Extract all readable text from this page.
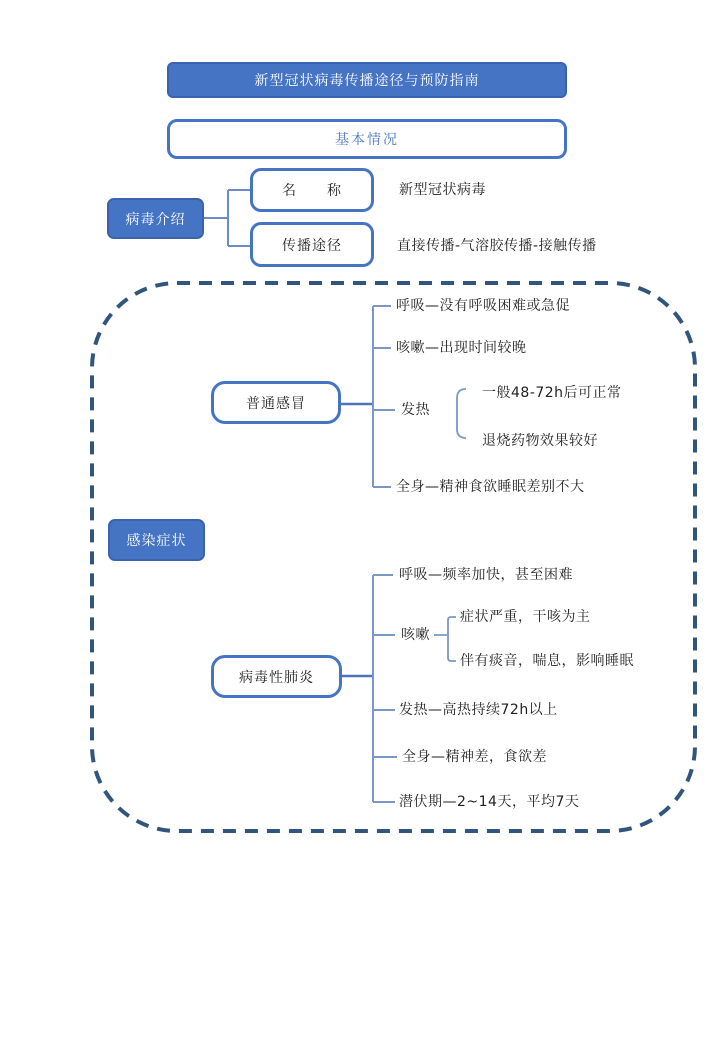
新型冠状病毒传播途径与预防指南
基本情况
病毒介绍
名　　称	新型冠状病毒
传播途径	直接传播-气溶胶传播-接触传播
感染症状
普通感冒
呼吸—没有呼吸困难或急促
咳嗽—出现时间较晚
发热
一般48-72h后可正常
退烧药物效果较好
全身—精神食欲睡眠差别不大
病毒性肺炎
呼吸—频率加快，甚至困难
咳嗽
症状严重，干咳为主
伴有痰音，喘息，影响睡眠
发热—高热持续72h以上
全身—精神差，食欲差
潜伏期—2~14天，平均7天
